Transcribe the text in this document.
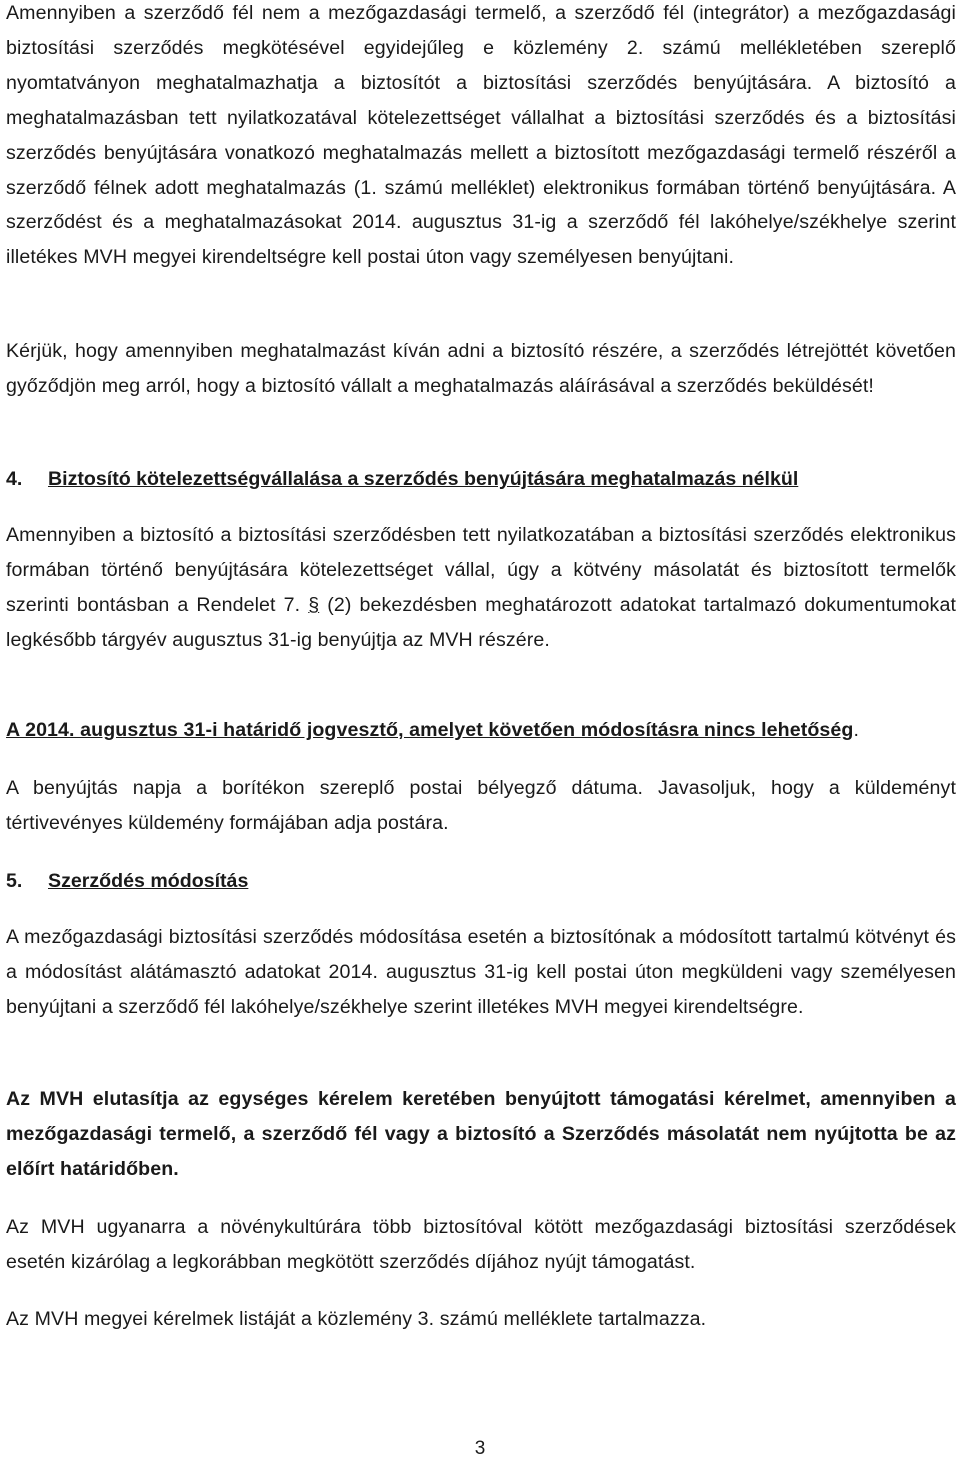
Amennyiben a szerződő fél nem a mezőgazdasági termelő, a szerződő fél (integrátor) a mezőgazdasági biztosítási szerződés megkötésével egyidejűleg e közlemény 2. számú mellékletében szereplő nyomtatványon meghatalmazhatja a biztosítót a biztosítási szerződés benyújtására. A biztosító a meghatalmazásban tett nyilatkozatával kötelezettséget vállalhat a biztosítási szerződés és a biztosítási szerződés benyújtására vonatkozó meghatalmazás mellett a biztosított mezőgazdasági termelő részéről a szerződő félnek adott meghatalmazás (1. számú melléklet) elektronikus formában történő benyújtására. A szerződést és a meghatalmazásokat 2014. augusztus 31-ig a szerződő fél lakóhelye/székhelye szerint illetékes MVH megyei kirendeltségre kell postai úton vagy személyesen benyújtani.

Kérjük, hogy amennyiben meghatalmazást kíván adni a biztosító részére, a szerződés létrejöttét követően győződjön meg arról, hogy a biztosító vállalt a meghatalmazás aláírásával a szerződés beküldését!

4. Biztosító kötelezettségvállalása a szerződés benyújtására meghatalmazás nélkül

Amennyiben a biztosító a biztosítási szerződésben tett nyilatkozatában a biztosítási szerződés elektronikus formában történő benyújtására kötelezettséget vállal, úgy a kötvény másolatát és biztosított termelők szerinti bontásban a Rendelet 7. § (2) bekezdésben meghatározott adatokat tartalmazó dokumentumokat legkésőbb tárgyév augusztus 31-ig benyújtja az MVH részére.

A 2014. augusztus 31-i határidő jogvesztő, amelyet követően módosításra nincs lehetőség.

A benyújtás napja a borítékon szereplő postai bélyegző dátuma. Javasoljuk, hogy a küldeményt tértivevényes küldemény formájában adja postára.

5. Szerződés módosítás

A mezőgazdasági biztosítási szerződés módosítása esetén a biztosítónak a módosított tartalmú kötvényt és a módosítást alátámasztó adatokat 2014. augusztus 31-ig kell postai úton megküldeni vagy személyesen benyújtani a szerződő fél lakóhelye/székhelye szerint illetékes MVH megyei kirendeltségre.

Az MVH elutasítja az egységes kérelem keretében benyújtott támogatási kérelmet, amennyiben a mezőgazdasági termelő, a szerződő fél vagy a biztosító a Szerződés másolatát nem nyújtotta be az előírt határidőben.

Az MVH ugyanarra a növénykultúrára több biztosítóval kötött mezőgazdasági biztosítási szerződések esetén kizárólag a legkorábban megkötött szerződés díjához nyújt támogatást.

Az MVH megyei kérelmek listáját a közlemény 3. számú melléklete tartalmazza.

3
